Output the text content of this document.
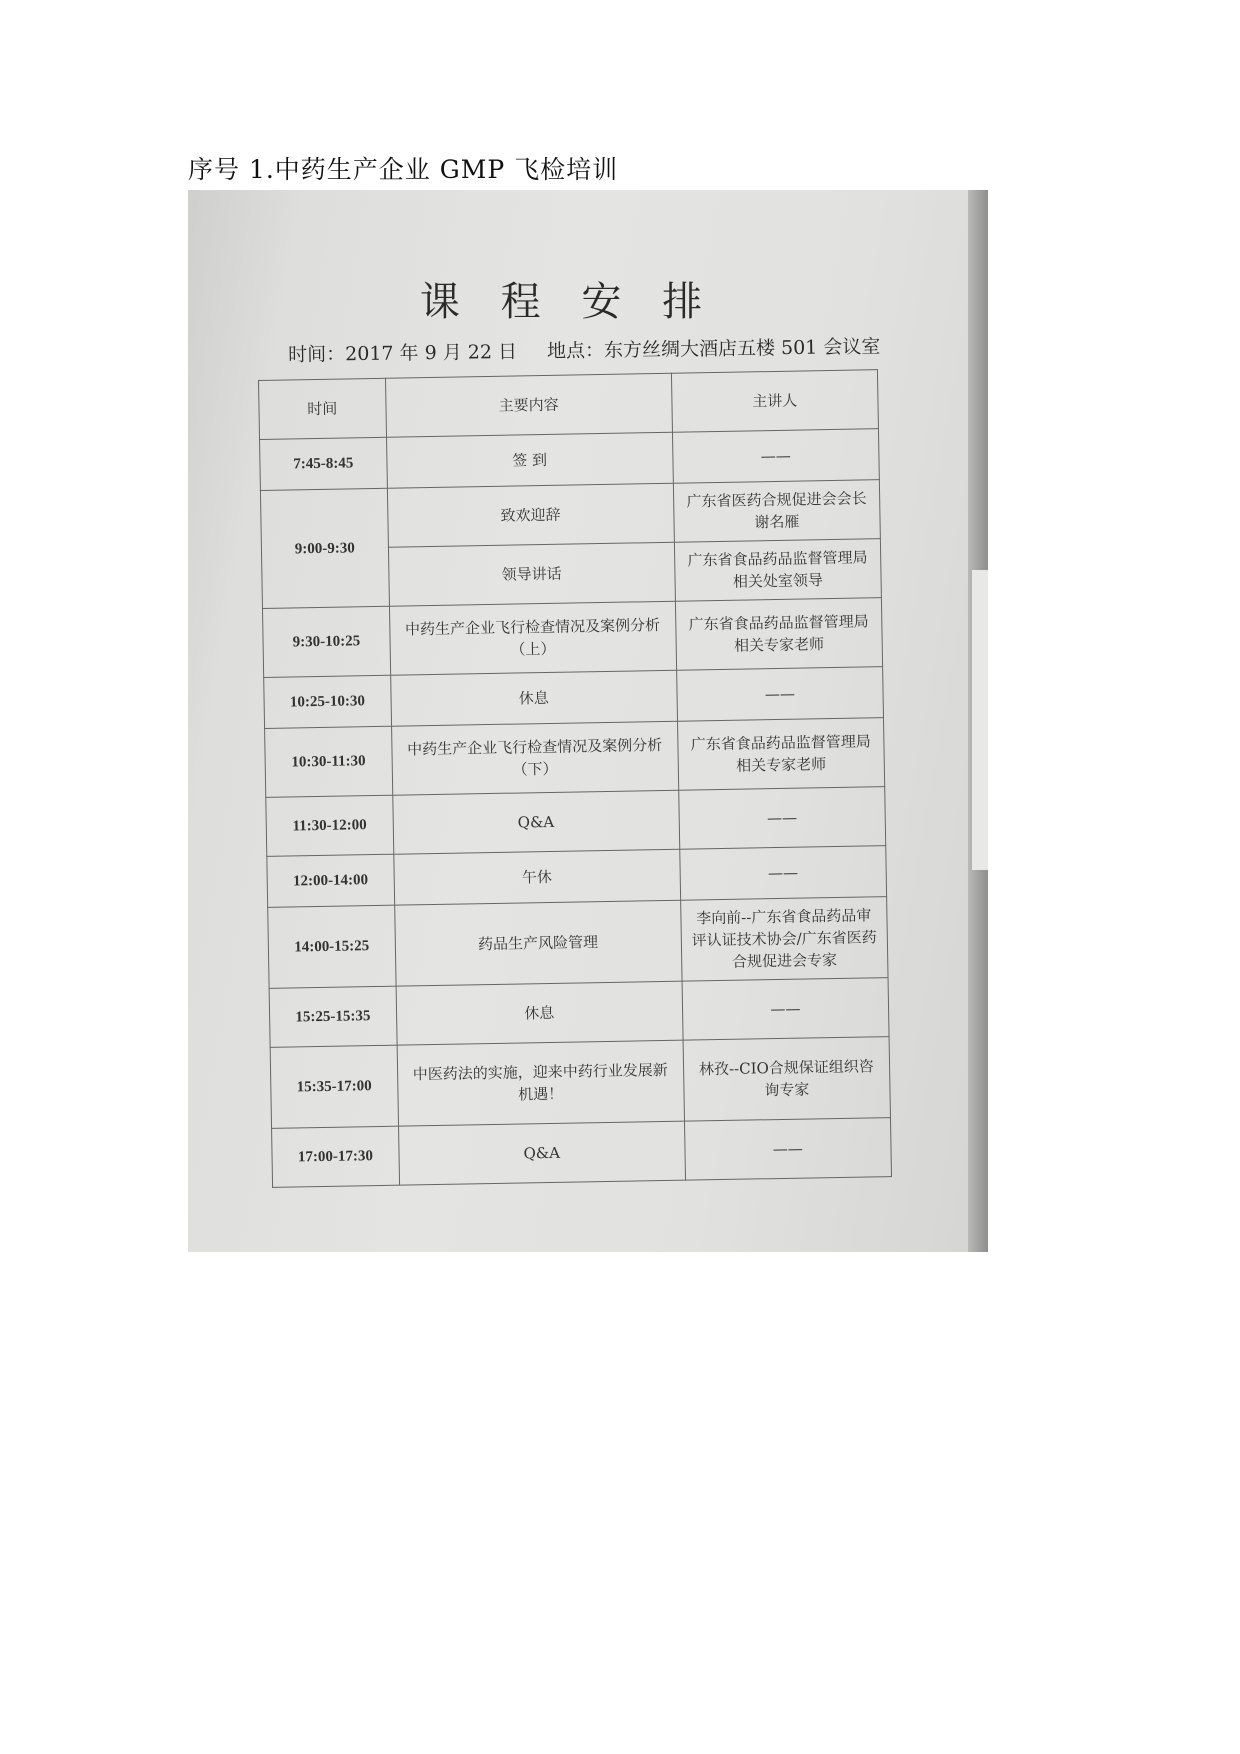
序号 1.中药生产企业 GMP 飞检培训
课 程 安 排
时间：2017 年 9 月 22 日 地点：东方丝绸大酒店五楼 501 会议室
时间	主要内容	主讲人
7:45-8:45	签 到	——
9:00-9:30	致欢迎辞	广东省医药合规促进会会长谢名雁
	领导讲话	广东省食品药品监督管理局相关处室领导
9:30-10:25	中药生产企业飞行检查情况及案例分析（上）	广东省食品药品监督管理局相关专家老师
10:25-10:30	休息	——
10:30-11:30	中药生产企业飞行检查情况及案例分析（下）	广东省食品药品监督管理局相关专家老师
11:30-12:00	Q&A	——
12:00-14:00	午休	——
14:00-15:25	药品生产风险管理	李向前--广东省食品药品审评认证技术协会/广东省医药合规促进会专家
15:25-15:35	休息	——
15:35-17:00	中医药法的实施，迎来中药行业发展新机遇！	林孜--CIO合规保证组织咨询专家
17:00-17:30	Q&A	——
